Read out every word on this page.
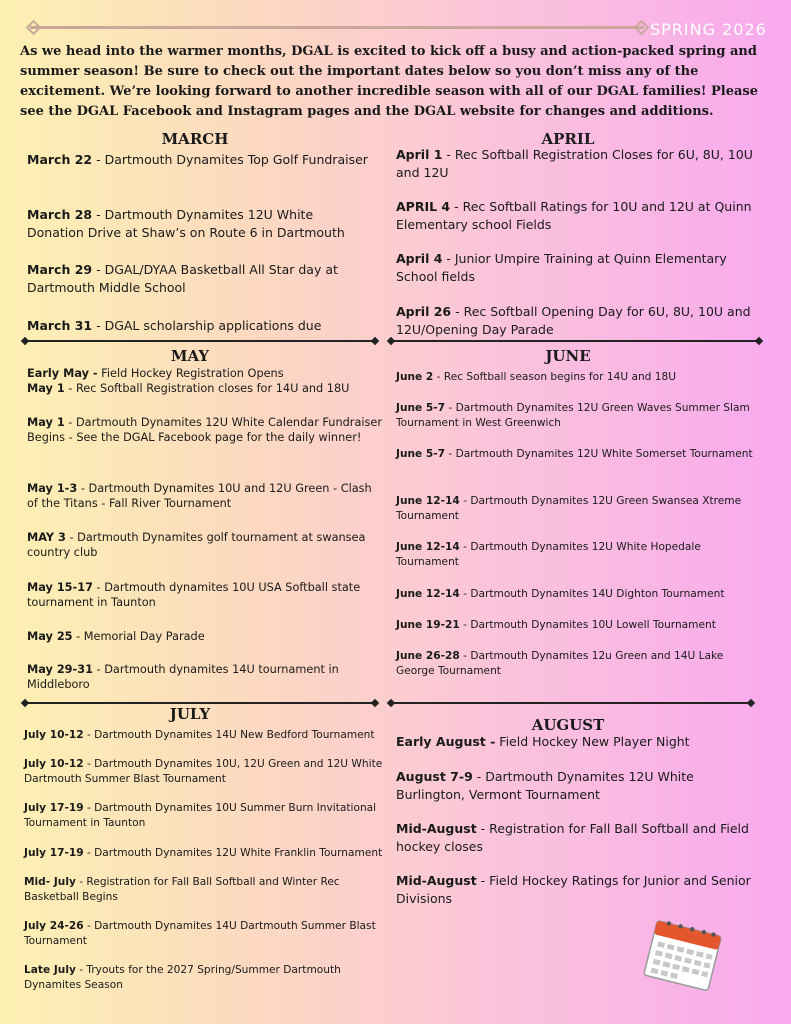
SPRING 2026
As we head into the warmer months, DGAL is excited to kick off a busy and action-packed spring and summer season! Be sure to check out the important dates below so you don’t miss any of the excitement. We’re looking forward to another incredible season with all of our DGAL families! Please see the DGAL Facebook and Instagram pages and the DGAL website for changes and additions.
MARCH
March 22 - Dartmouth Dynamites Top Golf Fundraiser
March 28 - Dartmouth Dynamites 12U White Donation Drive at Shaw’s on Route 6 in Dartmouth
March 29 - DGAL/DYAA Basketball All Star day at Dartmouth Middle School
March 31 - DGAL scholarship applications due
APRIL
April 1 - Rec Softball Registration Closes for 6U, 8U, 10U and 12U
APRIL 4 - Rec Softball Ratings for 10U and 12U at Quinn Elementary school Fields
April 4 - Junior Umpire Training at Quinn Elementary School fields
April 26 - Rec Softball Opening Day for 6U, 8U, 10U and 12U/Opening Day Parade
MAY
Early May - Field Hockey Registration Opens
May 1 - Rec Softball Registration closes for 14U and 18U
May 1 - Dartmouth Dynamites 12U White Calendar Fundraiser Begins - See the DGAL Facebook page for the daily winner!
May 1-3 - Dartmouth Dynamites 10U and 12U Green - Clash of the Titans - Fall River Tournament
MAY 3 - Dartmouth Dynamites golf tournament at swansea country club
May 15-17 - Dartmouth dynamites 10U USA Softball state tournament in Taunton
May 25 - Memorial Day Parade
May 29-31 - Dartmouth dynamites 14U tournament in Middleboro
JUNE
June 2 - Rec Softball season begins for 14U and 18U
June 5-7 - Dartmouth Dynamites 12U Green Waves Summer Slam Tournament in West Greenwich
June 5-7 - Dartmouth Dynamites 12U White Somerset Tournament
June 12-14 - Dartmouth Dynamites 12U Green Swansea Xtreme Tournament
June 12-14 - Dartmouth Dynamites 12U White Hopedale Tournament
June 12-14 - Dartmouth Dynamites 14U Dighton Tournament
June 19-21 - Dartmouth Dynamites 10U Lowell Tournament
June 26-28 - Dartmouth Dynamites 12u Green and 14U Lake George Tournament
JULY
July 10-12 - Dartmouth Dynamites 14U New Bedford Tournament
July 10-12 - Dartmouth Dynamites 10U, 12U Green and 12U White Dartmouth Summer Blast Tournament
July 17-19 - Dartmouth Dynamites 10U Summer Burn Invitational Tournament in Taunton
July 17-19 - Dartmouth Dynamites 12U White Franklin Tournament
Mid- July - Registration for Fall Ball Softball and Winter Rec Basketball Begins
July 24-26 - Dartmouth Dynamites 14U Dartmouth Summer Blast Tournament
Late July - Tryouts for the 2027 Spring/Summer Dartmouth Dynamites Season
AUGUST
Early August - Field Hockey New Player Night
August 7-9 - Dartmouth Dynamites 12U White Burlington, Vermont Tournament
Mid-August - Registration for Fall Ball Softball and Field hockey closes
Mid-August - Field Hockey Ratings for Junior and Senior Divisions
